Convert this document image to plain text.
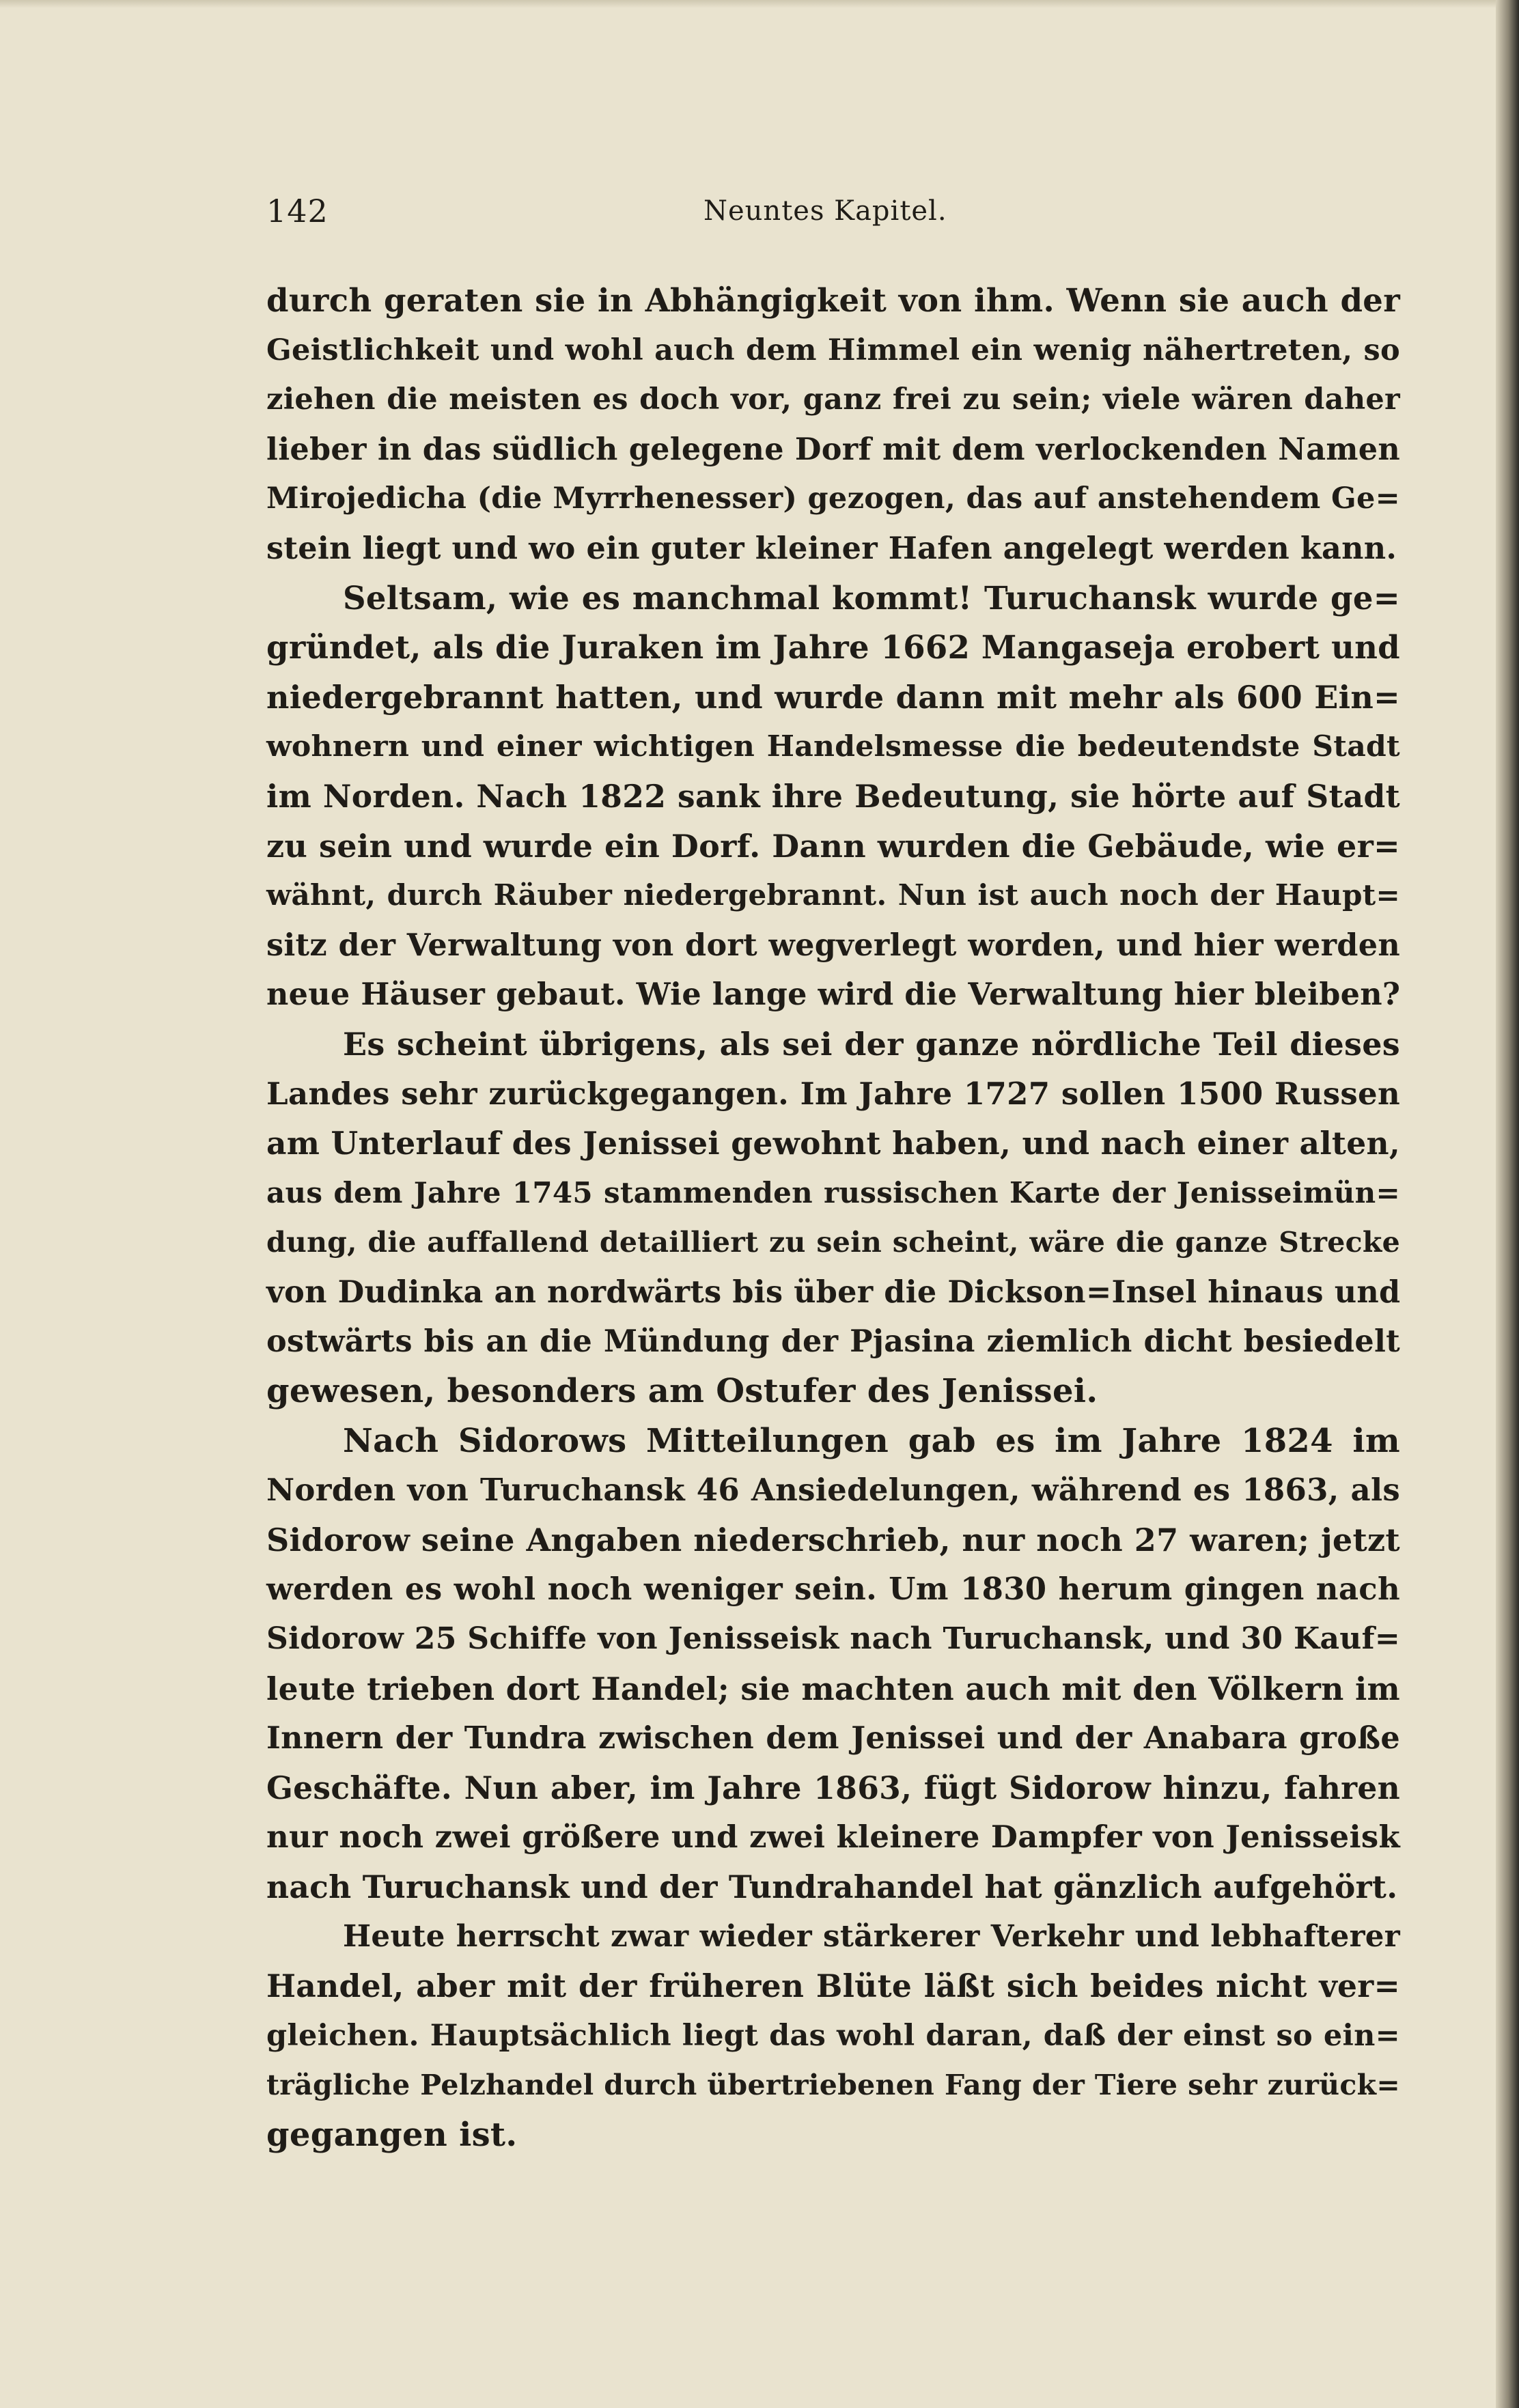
142	Neuntes Kapitel.
durch geraten sie in Abhängigkeit von ihm. Wenn sie auch der
Geistlichkeit und wohl auch dem Himmel ein wenig nähertreten, so
ziehen die meisten es doch vor, ganz frei zu sein; viele wären daher
lieber in das südlich gelegene Dorf mit dem verlockenden Namen
Mirojedicha (die Myrrhenesser) gezogen, das auf anstehendem Ge=
stein liegt und wo ein guter kleiner Hafen angelegt werden kann.
Seltsam, wie es manchmal kommt! Turuchansk wurde ge=
gründet, als die Juraken im Jahre 1662 Mangaseja erobert und
niedergebrannt hatten, und wurde dann mit mehr als 600 Ein=
wohnern und einer wichtigen Handelsmesse die bedeutendste Stadt
im Norden. Nach 1822 sank ihre Bedeutung, sie hörte auf Stadt
zu sein und wurde ein Dorf. Dann wurden die Gebäude, wie er=
wähnt, durch Räuber niedergebrannt. Nun ist auch noch der Haupt=
sitz der Verwaltung von dort wegverlegt worden, und hier werden
neue Häuser gebaut. Wie lange wird die Verwaltung hier bleiben?
Es scheint übrigens, als sei der ganze nördliche Teil dieses
Landes sehr zurückgegangen. Im Jahre 1727 sollen 1500 Russen
am Unterlauf des Jenissei gewohnt haben, und nach einer alten,
aus dem Jahre 1745 stammenden russischen Karte der Jenisseimün=
dung, die auffallend detailliert zu sein scheint, wäre die ganze Strecke
von Dudinka an nordwärts bis über die Dickson=Insel hinaus und
ostwärts bis an die Mündung der Pjasina ziemlich dicht besiedelt
gewesen, besonders am Ostufer des Jenissei.
Nach Sidorows Mitteilungen gab es im Jahre 1824 im
Norden von Turuchansk 46 Ansiedelungen, während es 1863, als
Sidorow seine Angaben niederschrieb, nur noch 27 waren; jetzt
werden es wohl noch weniger sein. Um 1830 herum gingen nach
Sidorow 25 Schiffe von Jenisseisk nach Turuchansk, und 30 Kauf=
leute trieben dort Handel; sie machten auch mit den Völkern im
Innern der Tundra zwischen dem Jenissei und der Anabara große
Geschäfte. Nun aber, im Jahre 1863, fügt Sidorow hinzu, fahren
nur noch zwei größere und zwei kleinere Dampfer von Jenisseisk
nach Turuchansk und der Tundrahandel hat gänzlich aufgehört.
Heute herrscht zwar wieder stärkerer Verkehr und lebhafterer
Handel, aber mit der früheren Blüte läßt sich beides nicht ver=
gleichen. Hauptsächlich liegt das wohl daran, daß der einst so ein=
trägliche Pelzhandel durch übertriebenen Fang der Tiere sehr zurück=
gegangen ist.
